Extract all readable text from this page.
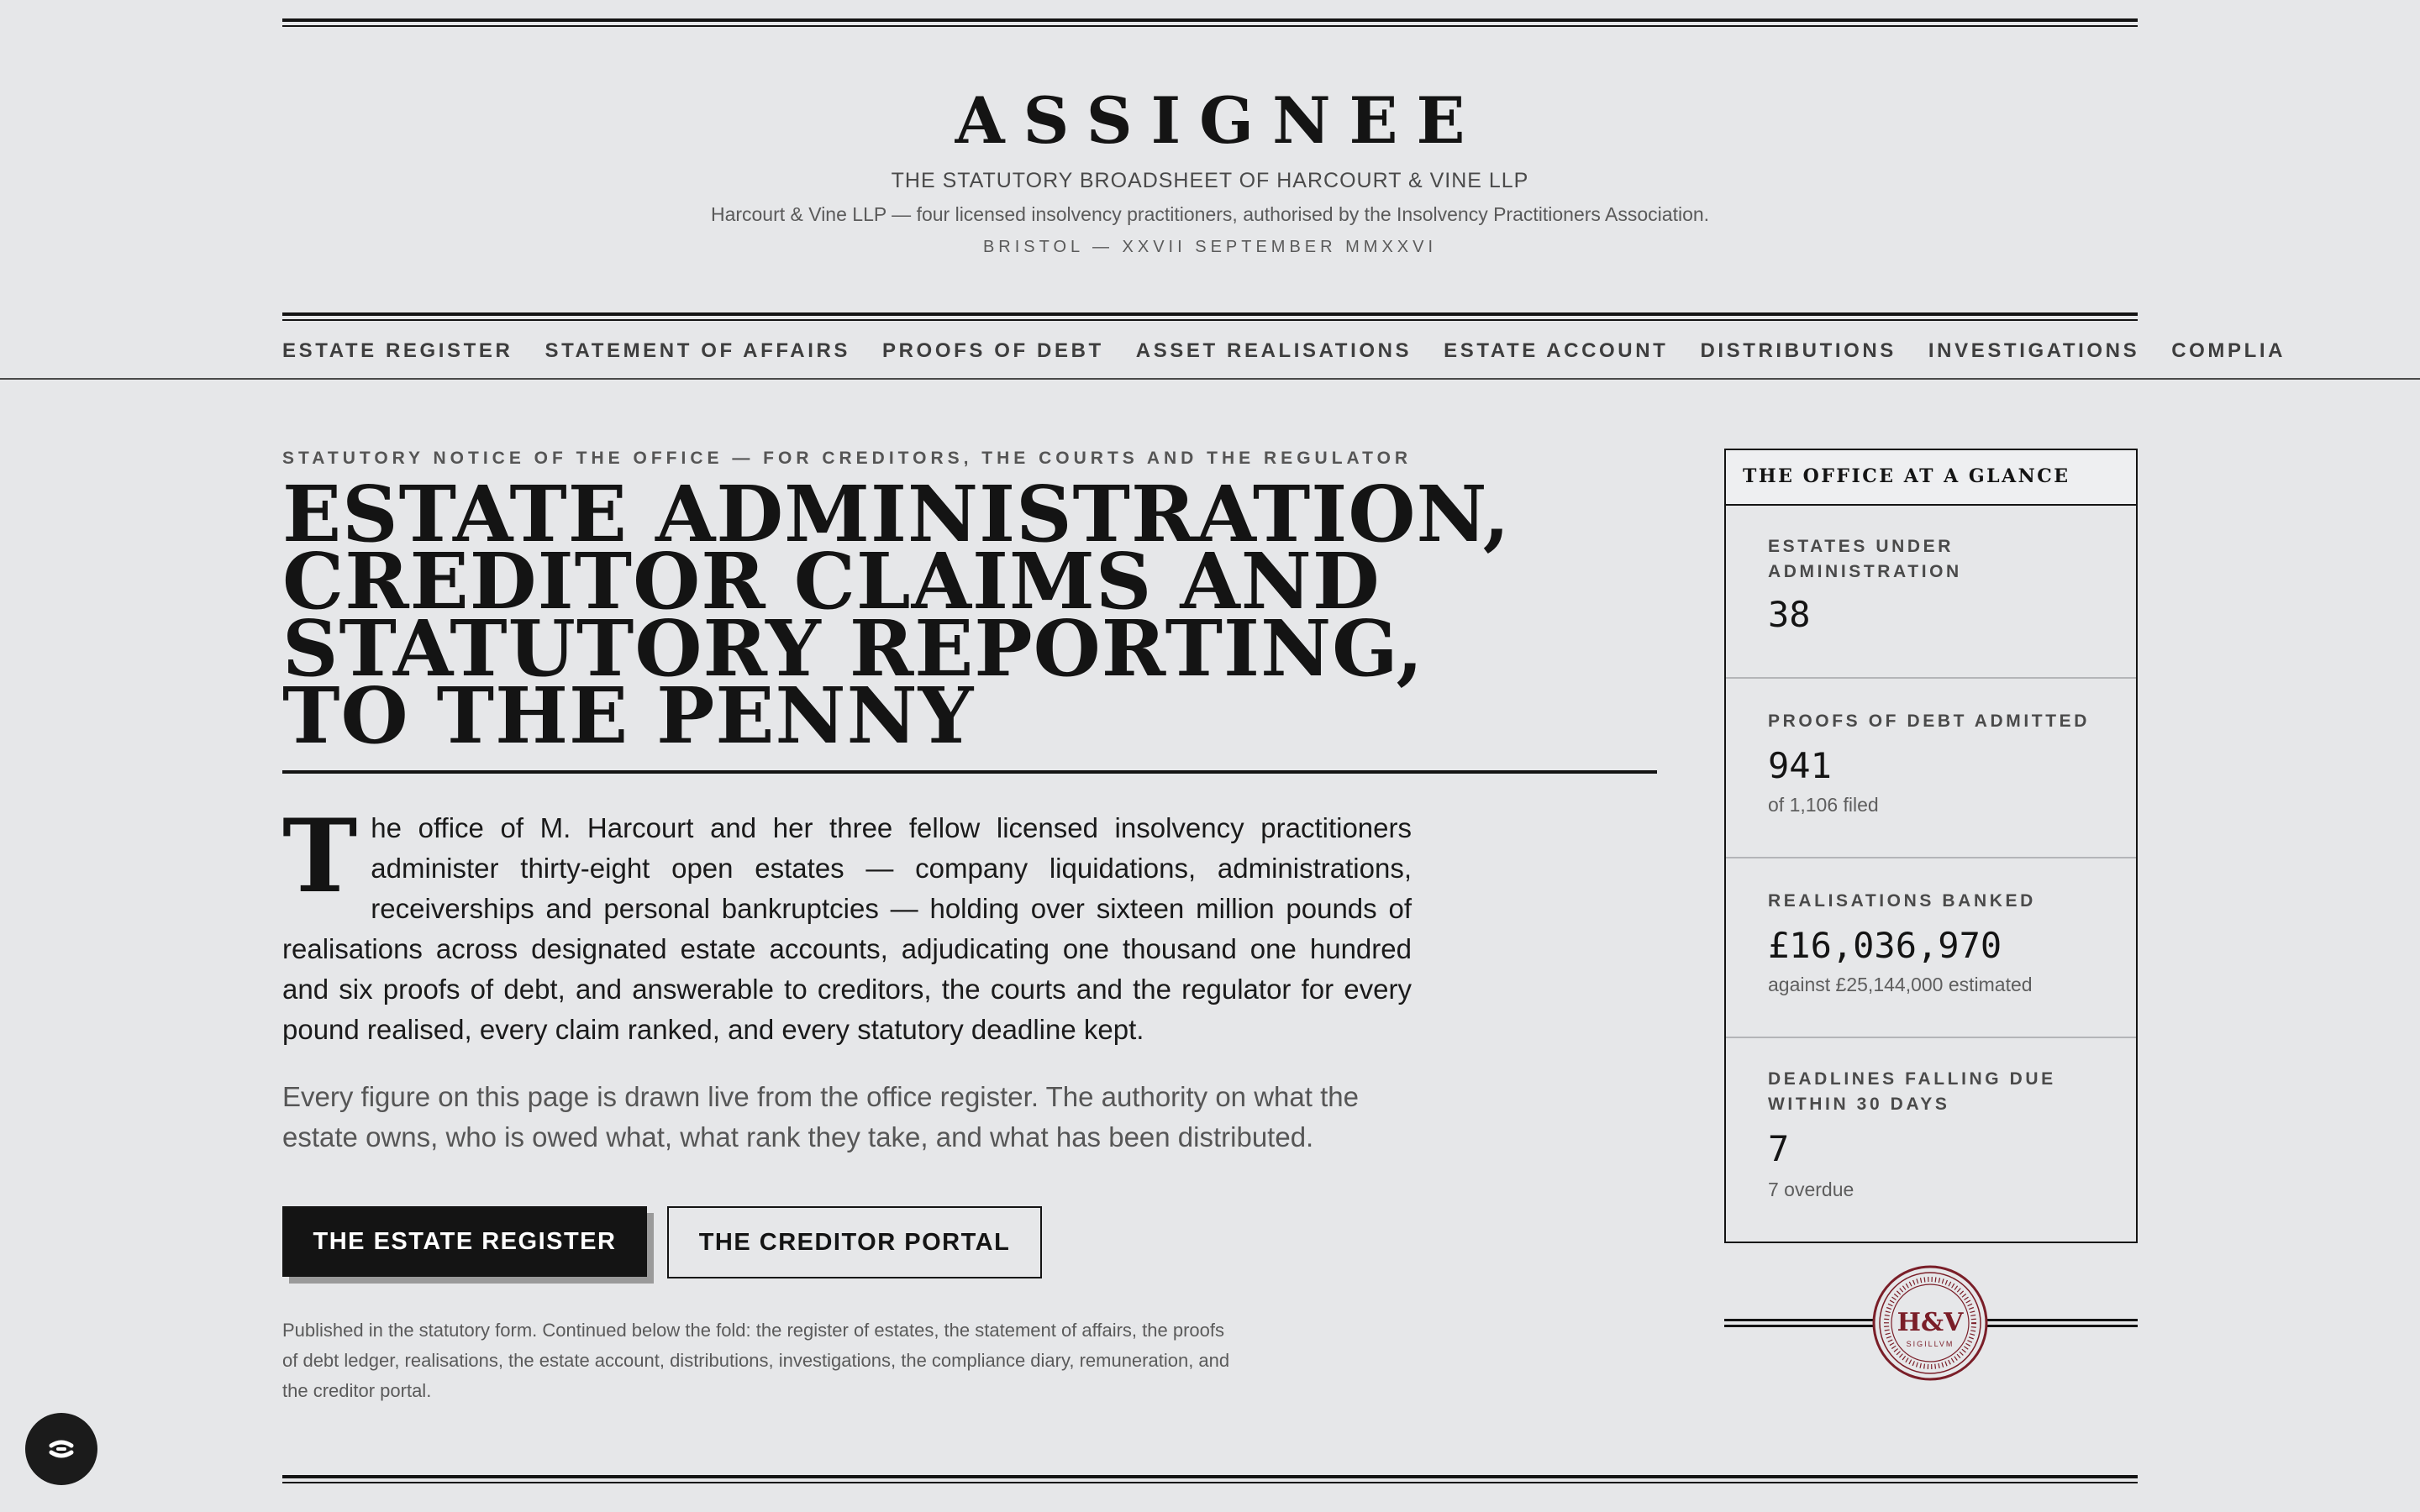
ASSIGNEE
THE STATUTORY BROADSHEET OF HARCOURT & VINE LLP
Harcourt & Vine LLP — four licensed insolvency practitioners, authorised by the Insolvency Practitioners Association.
BRISTOL — XXVII SEPTEMBER MMXXVI
ESTATE REGISTER STATEMENT OF AFFAIRS PROOFS OF DEBT ASSET REALISATIONS ESTATE ACCOUNT DISTRIBUTIONS INVESTIGATIONS COMPLIA
STATUTORY NOTICE OF THE OFFICE — FOR CREDITORS, THE COURTS AND THE REGULATOR
ESTATE ADMINISTRATION, CREDITOR CLAIMS AND STATUTORY REPORTING, TO THE PENNY

The office of M. Harcourt and her three fellow licensed insolvency practitioners administer thirty-eight open estates — company liquidations, administrations, receiverships and personal bankruptcies — holding over sixteen million pounds of realisations across designated estate accounts, adjudicating one thousand one hundred and six proofs of debt, and answerable to creditors, the courts and the regulator for every pound realised, every claim ranked, and every statutory deadline kept.

Every figure on this page is drawn live from the office register. The authority on what the estate owns, who is owed what, what rank they take, and what has been distributed.

THE ESTATE REGISTER	THE CREDITOR PORTAL

Published in the statutory form. Continued below the fold: the register of estates, the statement of affairs, the proofs of debt ledger, realisations, the estate account, distributions, investigations, the compliance diary, remuneration, and the creditor portal.

THE OFFICE AT A GLANCE
ESTATES UNDER ADMINISTRATION
38
PROOFS OF DEBT ADMITTED
941
of 1,106 filed
REALISATIONS BANKED
£16,036,970
against £25,144,000 estimated
DEADLINES FALLING DUE WITHIN 30 DAYS
7
7 overdue
H&V
SIGILLVM
